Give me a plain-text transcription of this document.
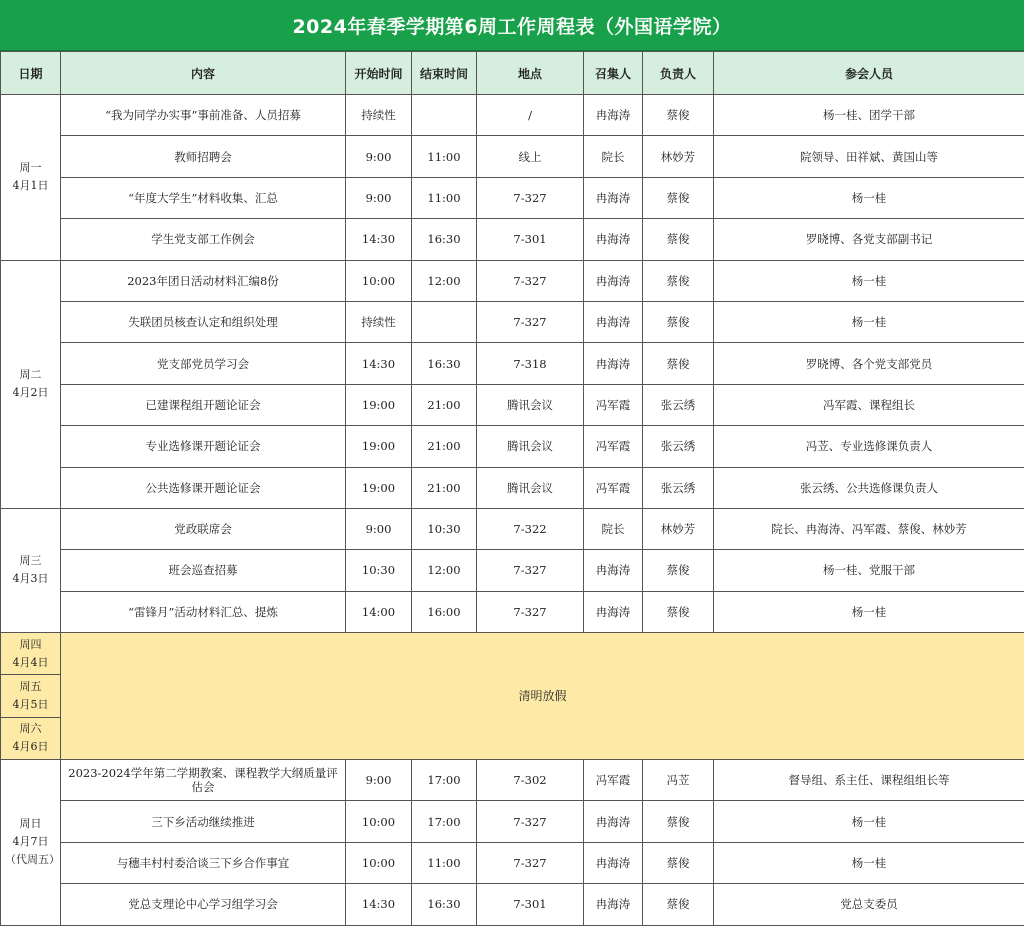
2024年春季学期第6周工作周程表（外国语学院）
日期	内容	开始时间	结束时间	地点	召集人	负责人	参会人员

周一
4月1日	“我为同学办实事”事前准备、人员招募	持续性		/	冉海涛	蔡俊	杨一桂、团学干部
	教师招聘会	9:00	11:00	线上	院长	林妙芳	院领导、田祥斌、黄国山等
	“年度大学生”材料收集、汇总	9:00	11:00	7-327	冉海涛	蔡俊	杨一桂
	学生党支部工作例会	14:30	16:30	7-301	冉海涛	蔡俊	罗晓博、各党支部副书记

周二
4月2日	2023年团日活动材料汇编8份	10:00	12:00	7-327	冉海涛	蔡俊	杨一桂
	失联团员核查认定和组织处理	持续性		7-327	冉海涛	蔡俊	杨一桂
	党支部党员学习会	14:30	16:30	7-318	冉海涛	蔡俊	罗晓博、各个党支部党员
	已建课程组开题论证会	19:00	21:00	腾讯会议	冯军霞	张云绣	冯军霞、课程组长
	专业选修课开题论证会	19:00	21:00	腾讯会议	冯军霞	张云绣	冯苙、专业选修课负责人
	公共选修课开题论证会	19:00	21:00	腾讯会议	冯军霞	张云绣	张云绣、公共选修课负责人

周三
4月3日	党政联席会	9:00	10:30	7-322	院长	林妙芳	院长、冉海涛、冯军霞、蔡俊、林妙芳
	班会巡查招募	10:30	12:00	7-327	冉海涛	蔡俊	杨一桂、党服干部
	“雷锋月”活动材料汇总、提炼	14:00	16:00	7-327	冉海涛	蔡俊	杨一桂

周四
4月4日	清明放假						

周五
4月5日							

周六
4月6日							

周日
4月7日
（代周五）	2023-2024学年第二学期教案、课程教学大纲质量评估会	9:00	17:00	7-302	冯军霞	冯苙	督导组、系主任、课程组组长等
	三下乡活动继续推进	10:00	17:00	7-327	冉海涛	蔡俊	杨一桂
	与穗丰村村委洽谈三下乡合作事宜	10:00	11:00	7-327	冉海涛	蔡俊	杨一桂
	党总支理论中心学习组学习会	14:30	16:30	7-301	冉海涛	蔡俊	党总支委员
